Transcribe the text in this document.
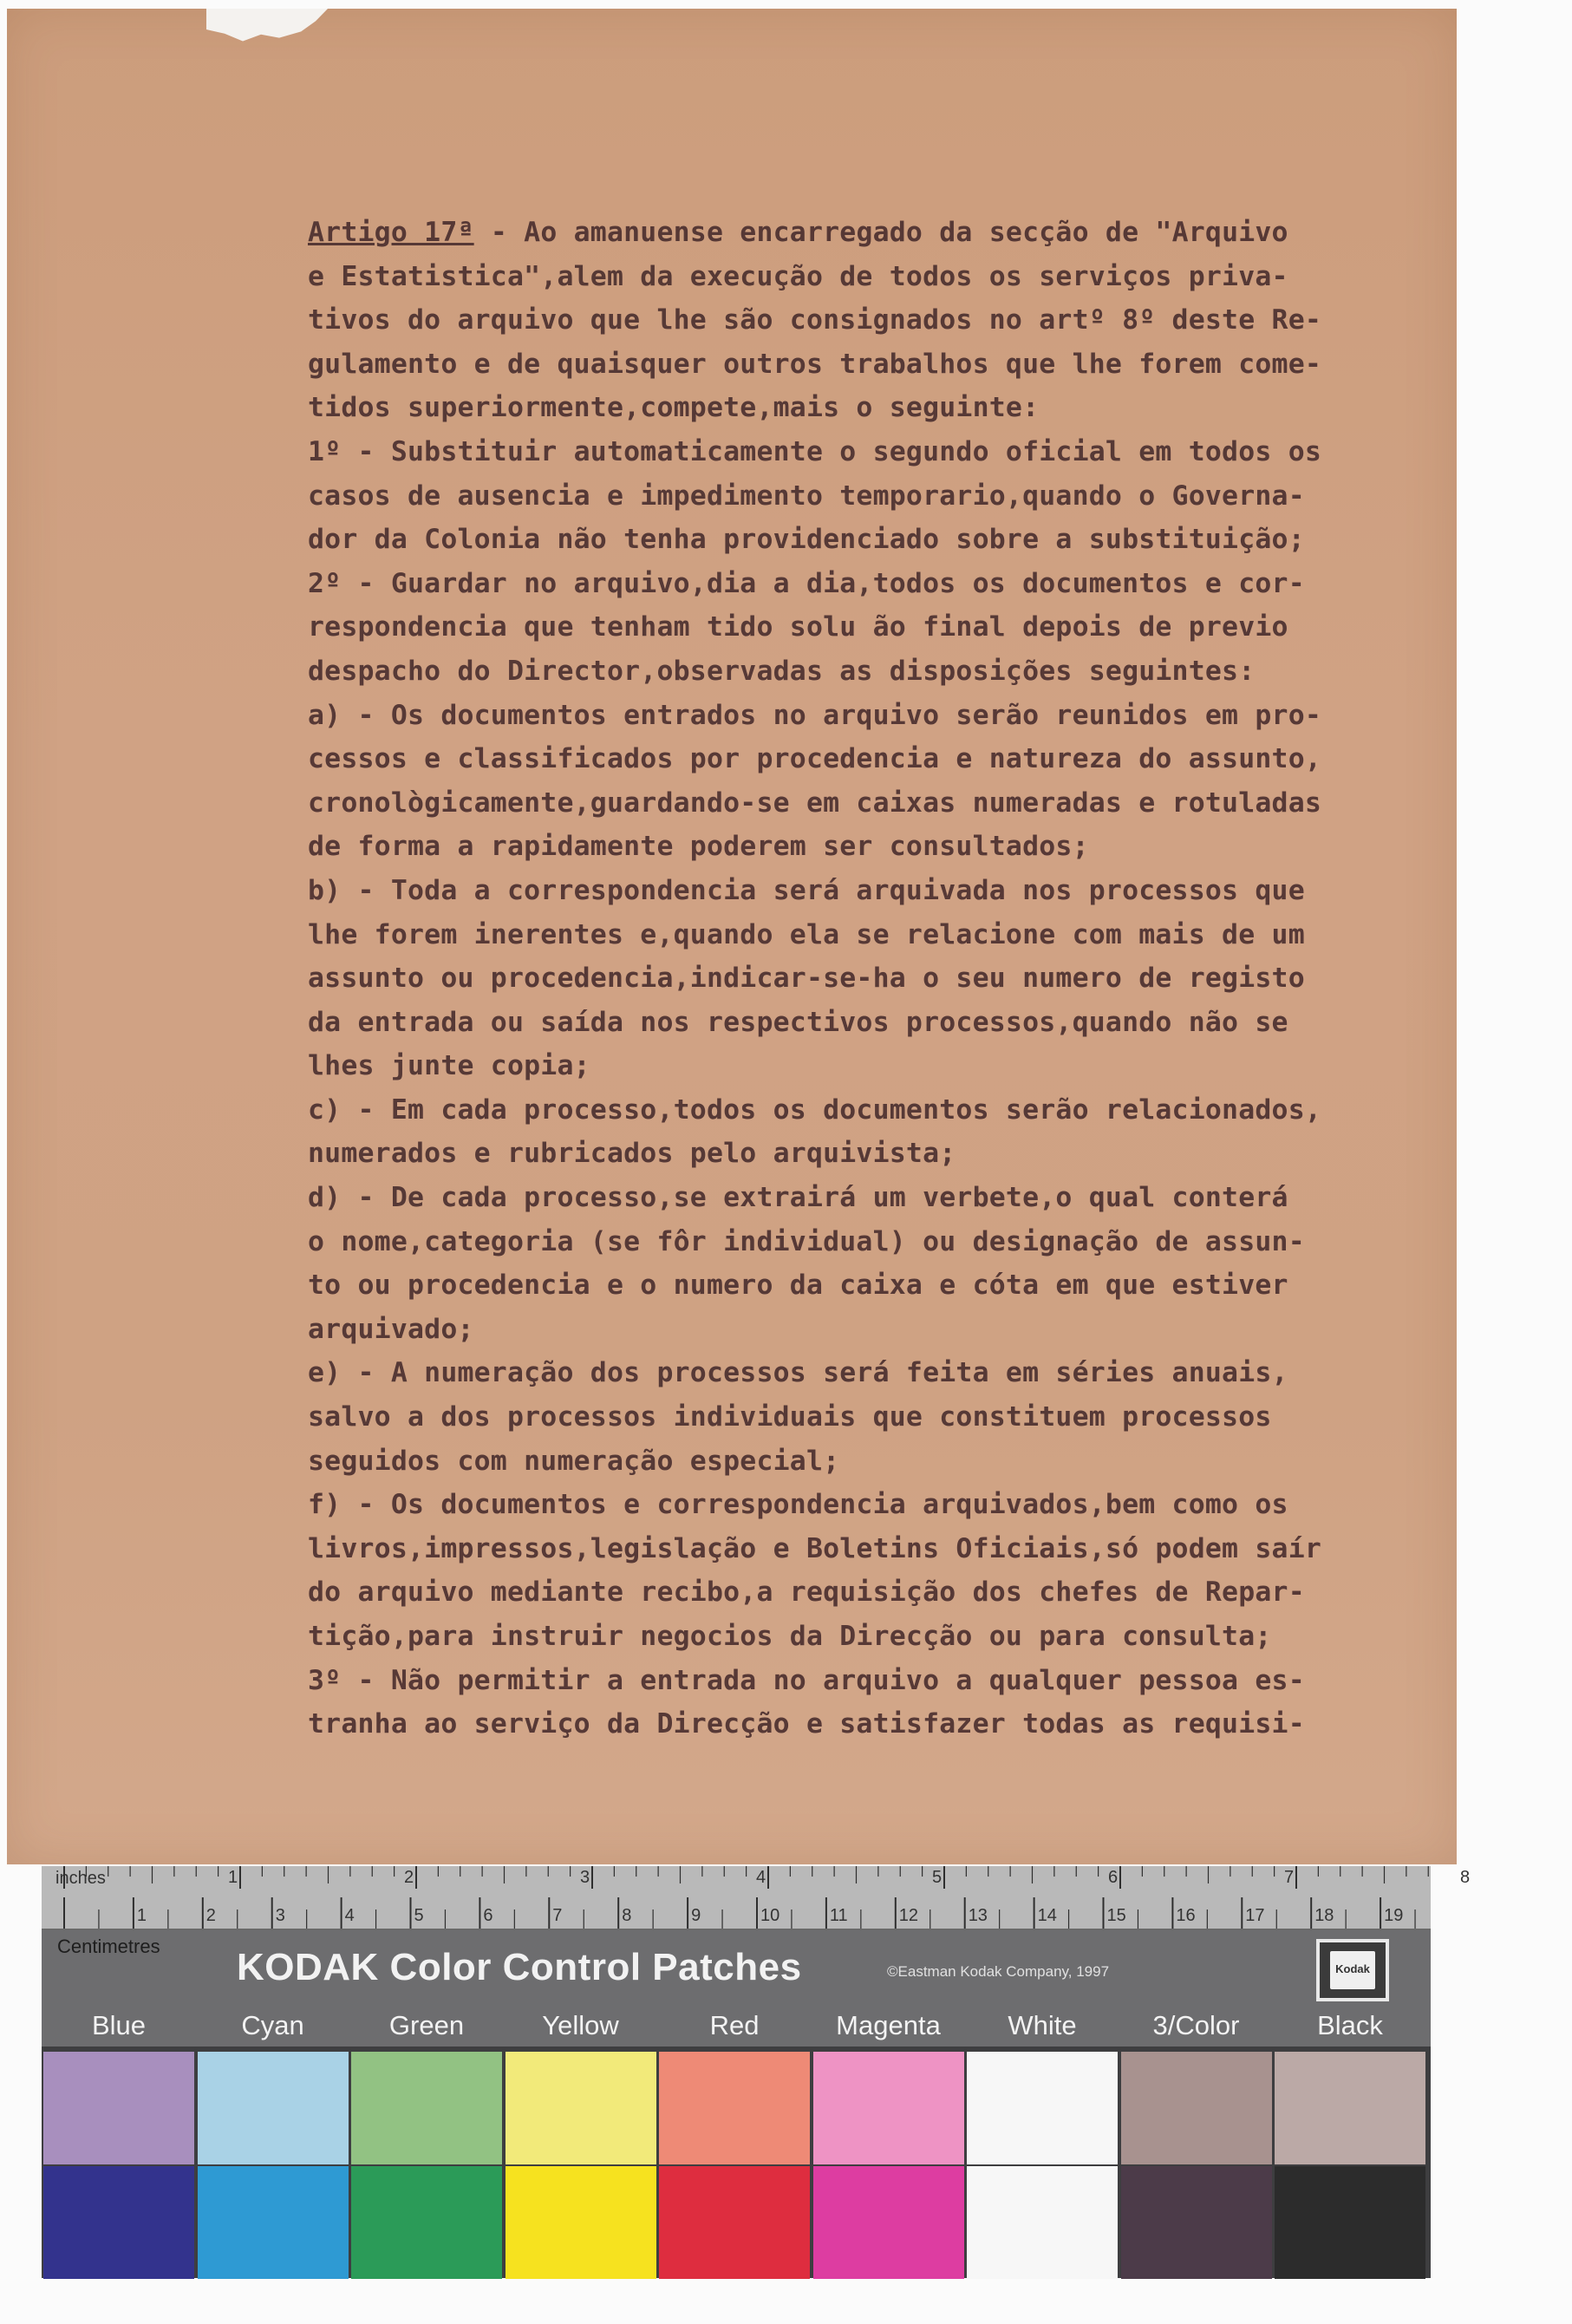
Artigo 17ª - Ao amanuense encarregado da secção de "Arquivo
e Estatistica",alem da execução de todos os serviços priva-
tivos do arquivo que lhe são consignados no artº 8º deste Re-
gulamento e de quaisquer outros trabalhos que lhe forem come-
tidos superiormente,compete,mais o seguinte:
1º - Substituir automaticamente o segundo oficial em todos os
casos de ausencia e impedimento temporario,quando o Governa-
dor da Colonia não tenha providenciado sobre a substituição;
2º - Guardar no arquivo,dia a dia,todos os documentos e cor-
respondencia que tenham tido solu ão final depois de previo
despacho do Director,observadas as disposições seguintes:
a) - Os documentos entrados no arquivo serão reunidos em pro-
cessos e classificados por procedencia e natureza do assunto,
cronològicamente,guardando-se em caixas numeradas e rotuladas
de forma a rapidamente poderem ser consultados;
b) - Toda a correspondencia será arquivada nos processos que
lhe forem inerentes e,quando ela se relacione com mais de um
assunto ou procedencia,indicar-se-ha o seu numero de registo
da entrada ou saída nos respectivos processos,quando não se
lhes junte copia;
c) - Em cada processo,todos os documentos serão relacionados,
numerados e rubricados pelo arquivista;
d) - De cada processo,se extrairá um verbete,o qual conterá
o nome,categoria (se fôr individual) ou designação de assun-
to ou procedencia e o numero da caixa e cóta em que estiver
arquivado;
e) - A numeração dos processos será feita em séries anuais,
salvo a dos processos individuais que constituem processos
seguidos com numeração especial;
f) - Os documentos e correspondencia arquivados,bem como os
livros,impressos,legislação e Boletins Oficiais,só podem saír
do arquivo mediante recibo,a requisição dos chefes de Repar-
tição,para instruir negocios da Direcção ou para consulta;
3º - Não permitir a entrada no arquivo a qualquer pessoa es-
tranha ao serviço da Direcção e satisfazer todas as requisi-
inches	1	2	3	4	5	6	7	8
1	2	3	4	5	6	7	8	9	10	11	12	13	14	15	16	17	18	19
Centimetres KODAK Color Control Patches	©Eastman Kodak Company, 1997	Kodak
Blue	Cyan	Green	Yellow	Red	Magenta	White	3/Color	Black
